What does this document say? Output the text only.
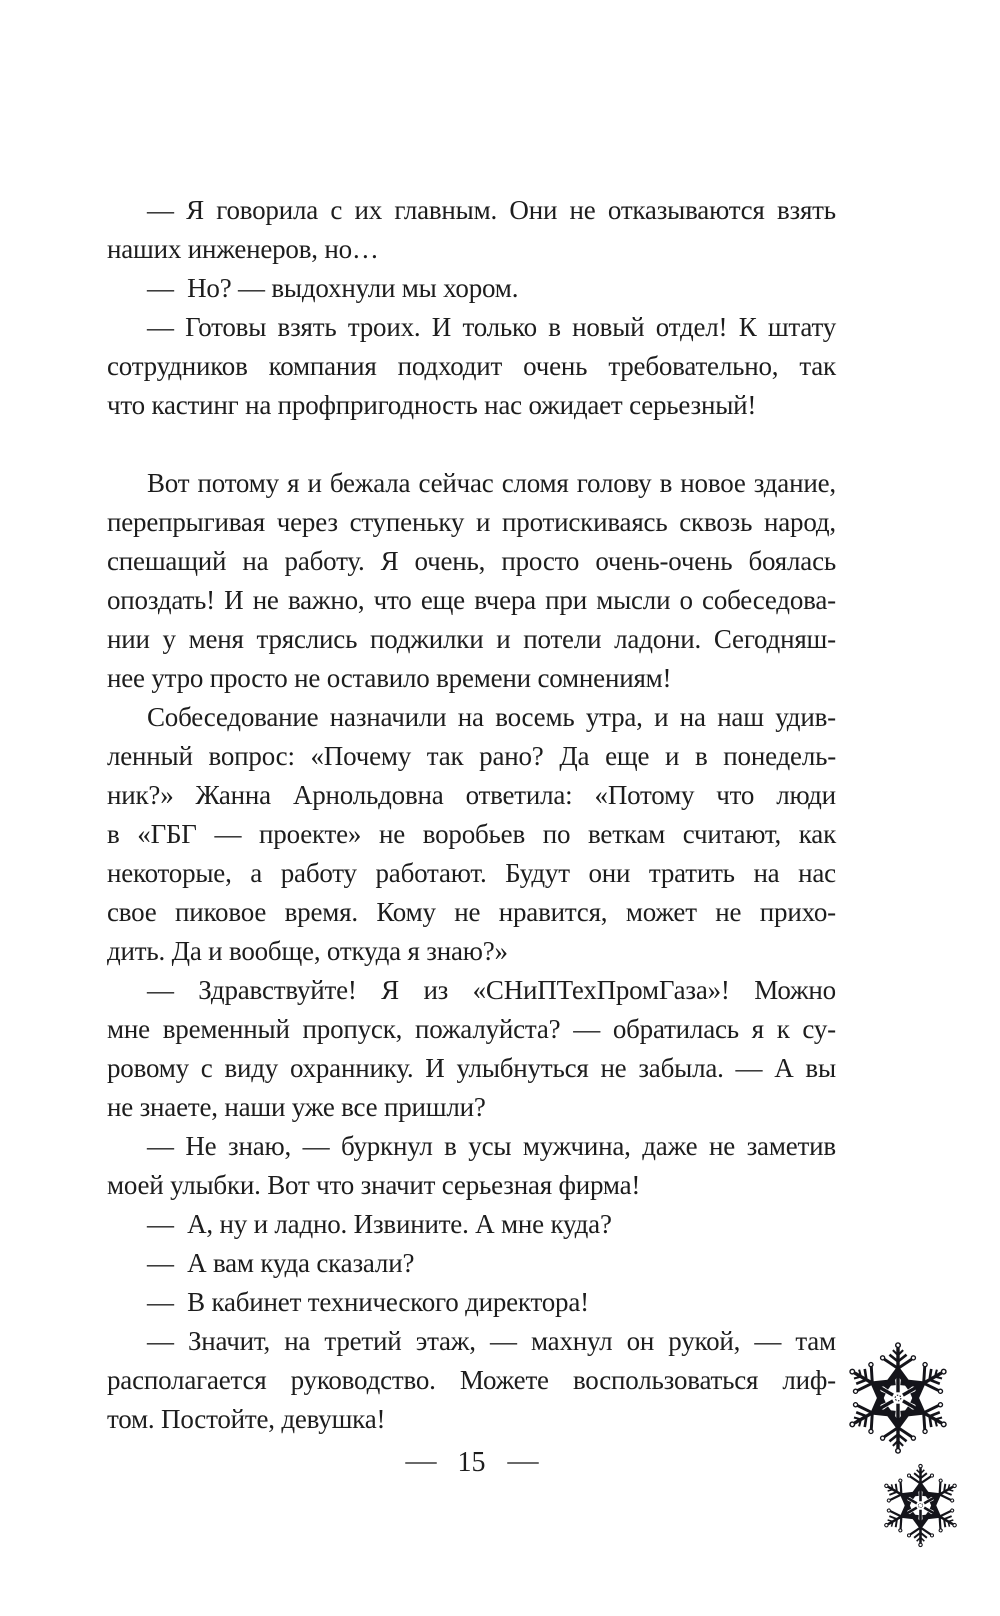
— Я говорила с их главным. Они не отказываются взять
наших инженеров, но…
— Но? — выдохнули мы хором.
— Готовы взять троих. И только в новый отдел! К штату
сотрудников компания подходит очень требовательно, так
что кастинг на профпригодность нас ожидает серьезный!
Вот потому я и бежала сейчас сломя голову в новое здание,
перепрыгивая через ступеньку и протискиваясь сквозь народ,
спешащий на работу. Я очень, просто очень-очень боялась
опоздать! И не важно, что еще вчера при мысли о собеседова-
нии у меня тряслись поджилки и потели ладони. Сегодняш-
нее утро просто не оставило времени сомнениям!
Собеседование назначили на восемь утра, и на наш удив-
ленный вопрос: «Почему так рано? Да еще и в понедель-
ник?» Жанна Арнольдовна ответила: «Потому что люди
в «ГБГ — проекте» не воробьев по веткам считают, как
некоторые, а работу работают. Будут они тратить на нас
свое пиковое время. Кому не нравится, может не прихо-
дить. Да и вообще, откуда я знаю?»
— Здравствуйте! Я из «СНиПТехПромГаза»! Можно
мне временный пропуск, пожалуйста? — обратилась я к су-
ровому с виду охраннику. И улыбнуться не забыла. — А вы
не знаете, наши уже все пришли?
— Не знаю, — буркнул в усы мужчина, даже не заметив
моей улыбки. Вот что значит серьезная фирма!
— А, ну и ладно. Извините. А мне куда?
— А вам куда сказали?
— В кабинет технического директора!
— Значит, на третий этаж, — махнул он рукой, — там
располагается руководство. Можете воспользоваться лиф-
том. Постойте, девушка!
15
